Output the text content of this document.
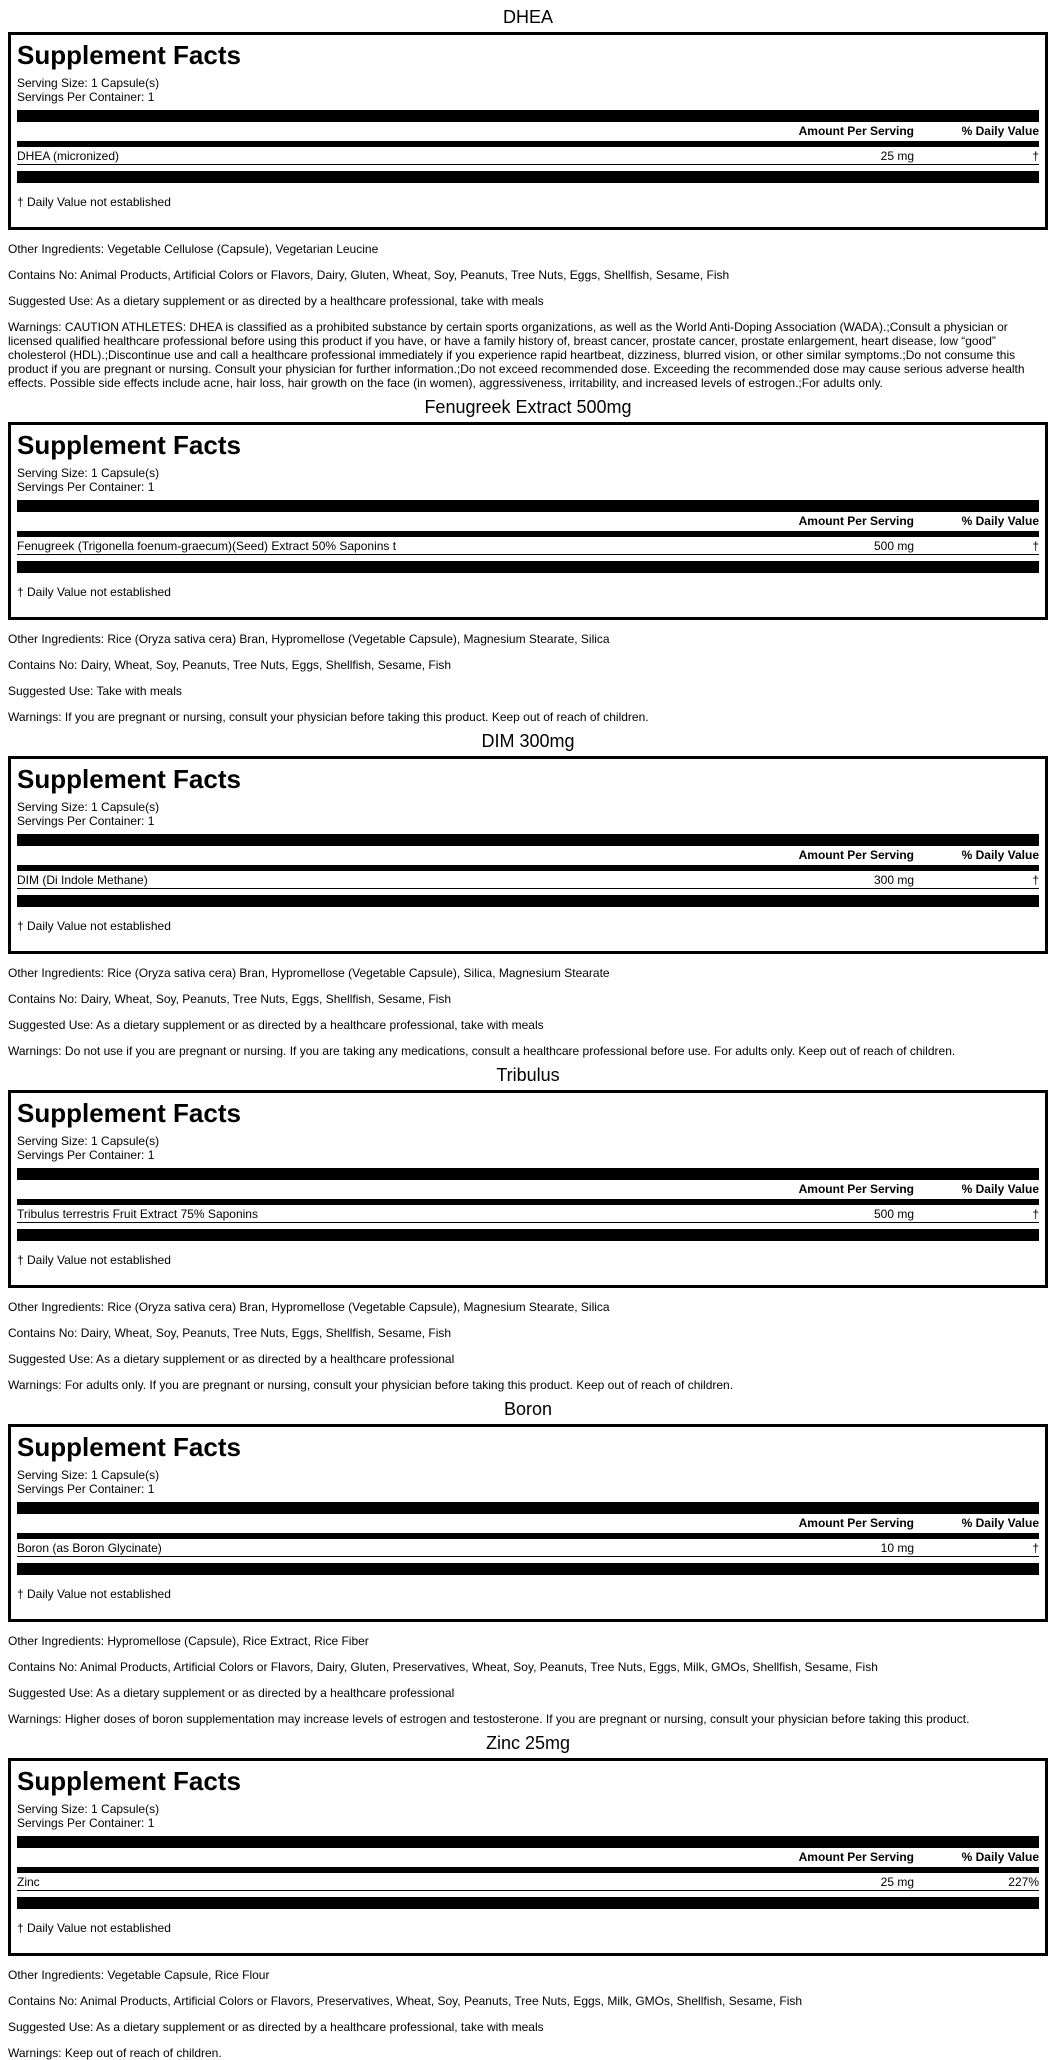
DHEA
Supplement Facts
Serving Size: 1 Capsule(s)
Servings Per Container: 1
Amount Per Serving	% Daily Value
DHEA (micronized)	25 mg	†
† Daily Value not established

Other Ingredients: Vegetable Cellulose (Capsule), Vegetarian Leucine

Contains No: Animal Products, Artificial Colors or Flavors, Dairy, Gluten, Wheat, Soy, Peanuts, Tree Nuts, Eggs, Shellfish, Sesame, Fish

Suggested Use: As a dietary supplement or as directed by a healthcare professional, take with meals

Warnings: CAUTION ATHLETES: DHEA is classified as a prohibited substance by certain sports organizations, as well as the World Anti-Doping Association (WADA).;Consult a physician or licensed qualified healthcare professional before using this product if you have, or have a family history of, breast cancer, prostate cancer, prostate enlargement, heart disease, low “good” cholesterol (HDL).;Discontinue use and call a healthcare professional immediately if you experience rapid heartbeat, dizziness, blurred vision, or other similar symptoms.;Do not consume this product if you are pregnant or nursing. Consult your physician for further information.;Do not exceed recommended dose. Exceeding the recommended dose may cause serious adverse health effects. Possible side effects include acne, hair loss, hair growth on the face (in women), aggressiveness, irritability, and increased levels of estrogen.;For adults only.

Fenugreek Extract 500mg
Supplement Facts
Serving Size: 1 Capsule(s)
Servings Per Container: 1
Amount Per Serving	% Daily Value
Fenugreek (Trigonella foenum-graecum)(Seed) Extract 50% Saponins t	500 mg	†
† Daily Value not established

Other Ingredients: Rice (Oryza sativa cera) Bran, Hypromellose (Vegetable Capsule), Magnesium Stearate, Silica

Contains No: Dairy, Wheat, Soy, Peanuts, Tree Nuts, Eggs, Shellfish, Sesame, Fish

Suggested Use: Take with meals

Warnings: If you are pregnant or nursing, consult your physician before taking this product. Keep out of reach of children.

DIM 300mg
Supplement Facts
Serving Size: 1 Capsule(s)
Servings Per Container: 1
Amount Per Serving	% Daily Value
DIM (Di Indole Methane)	300 mg	†
† Daily Value not established

Other Ingredients: Rice (Oryza sativa cera) Bran, Hypromellose (Vegetable Capsule), Silica, Magnesium Stearate

Contains No: Dairy, Wheat, Soy, Peanuts, Tree Nuts, Eggs, Shellfish, Sesame, Fish

Suggested Use: As a dietary supplement or as directed by a healthcare professional, take with meals

Warnings: Do not use if you are pregnant or nursing. If you are taking any medications, consult a healthcare professional before use. For adults only. Keep out of reach of children.

Tribulus
Supplement Facts
Serving Size: 1 Capsule(s)
Servings Per Container: 1
Amount Per Serving	% Daily Value
Tribulus terrestris Fruit Extract 75% Saponins	500 mg	†
† Daily Value not established

Other Ingredients: Rice (Oryza sativa cera) Bran, Hypromellose (Vegetable Capsule), Magnesium Stearate, Silica

Contains No: Dairy, Wheat, Soy, Peanuts, Tree Nuts, Eggs, Shellfish, Sesame, Fish

Suggested Use: As a dietary supplement or as directed by a healthcare professional

Warnings: For adults only. If you are pregnant or nursing, consult your physician before taking this product. Keep out of reach of children.

Boron
Supplement Facts
Serving Size: 1 Capsule(s)
Servings Per Container: 1
Amount Per Serving	% Daily Value
Boron (as Boron Glycinate)	10 mg	†
† Daily Value not established

Other Ingredients: Hypromellose (Capsule), Rice Extract, Rice Fiber

Contains No: Animal Products, Artificial Colors or Flavors, Dairy, Gluten, Preservatives, Wheat, Soy, Peanuts, Tree Nuts, Eggs, Milk, GMOs, Shellfish, Sesame, Fish

Suggested Use: As a dietary supplement or as directed by a healthcare professional

Warnings: Higher doses of boron supplementation may increase levels of estrogen and testosterone. If you are pregnant or nursing, consult your physician before taking this product.

Zinc 25mg
Supplement Facts
Serving Size: 1 Capsule(s)
Servings Per Container: 1
Amount Per Serving	% Daily Value
Zinc	25 mg	227%
† Daily Value not established

Other Ingredients: Vegetable Capsule, Rice Flour

Contains No: Animal Products, Artificial Colors or Flavors, Preservatives, Wheat, Soy, Peanuts, Tree Nuts, Eggs, Milk, GMOs, Shellfish, Sesame, Fish

Suggested Use: As a dietary supplement or as directed by a healthcare professional, take with meals

Warnings: Keep out of reach of children.
